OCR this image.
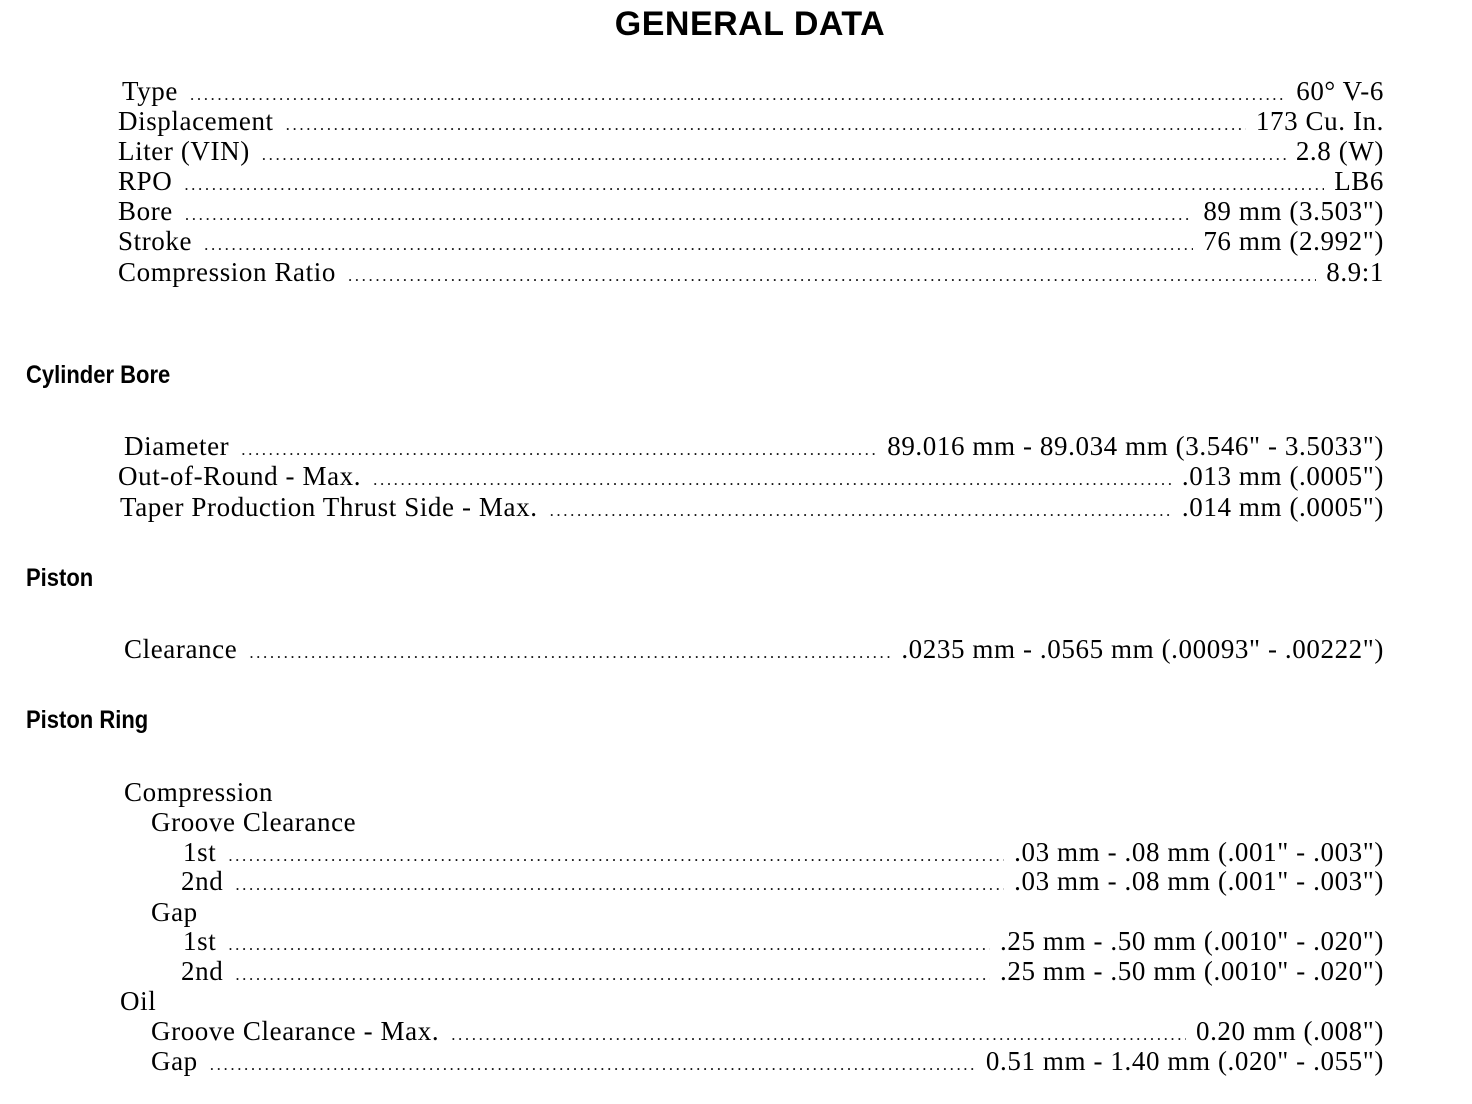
GENERAL DATA
Type .....	60° V-6
Displacement .....	173 Cu. In.
Liter (VIN) .....	2.8 (W)
RPO .....	LB6
Bore .....	89 mm (3.503")
Stroke .....	76 mm (2.992")
Compression Ratio .....	8.9:1
Cylinder Bore
Diameter .....	89.016 mm - 89.034 mm (3.546" - 3.5033")
Out-of-Round - Max. .....	.013 mm (.0005")
Taper Production Thrust Side - Max. .....	.014 mm (.0005")
Piston
Clearance .....	.0235 mm - .0565 mm (.00093" - .00222")
Piston Ring
Compression
Groove Clearance
1st .....	.03 mm - .08 mm (.001" - .003")
2nd .....	.03 mm - .08 mm (.001" - .003")
Gap
1st .....	.25 mm - .50 mm (.0010" - .020")
2nd .....	.25 mm - .50 mm (.0010" - .020")
Oil
Groove Clearance - Max. .....	0.20 mm (.008")
Gap .....	0.51 mm - 1.40 mm (.020" - .055")
